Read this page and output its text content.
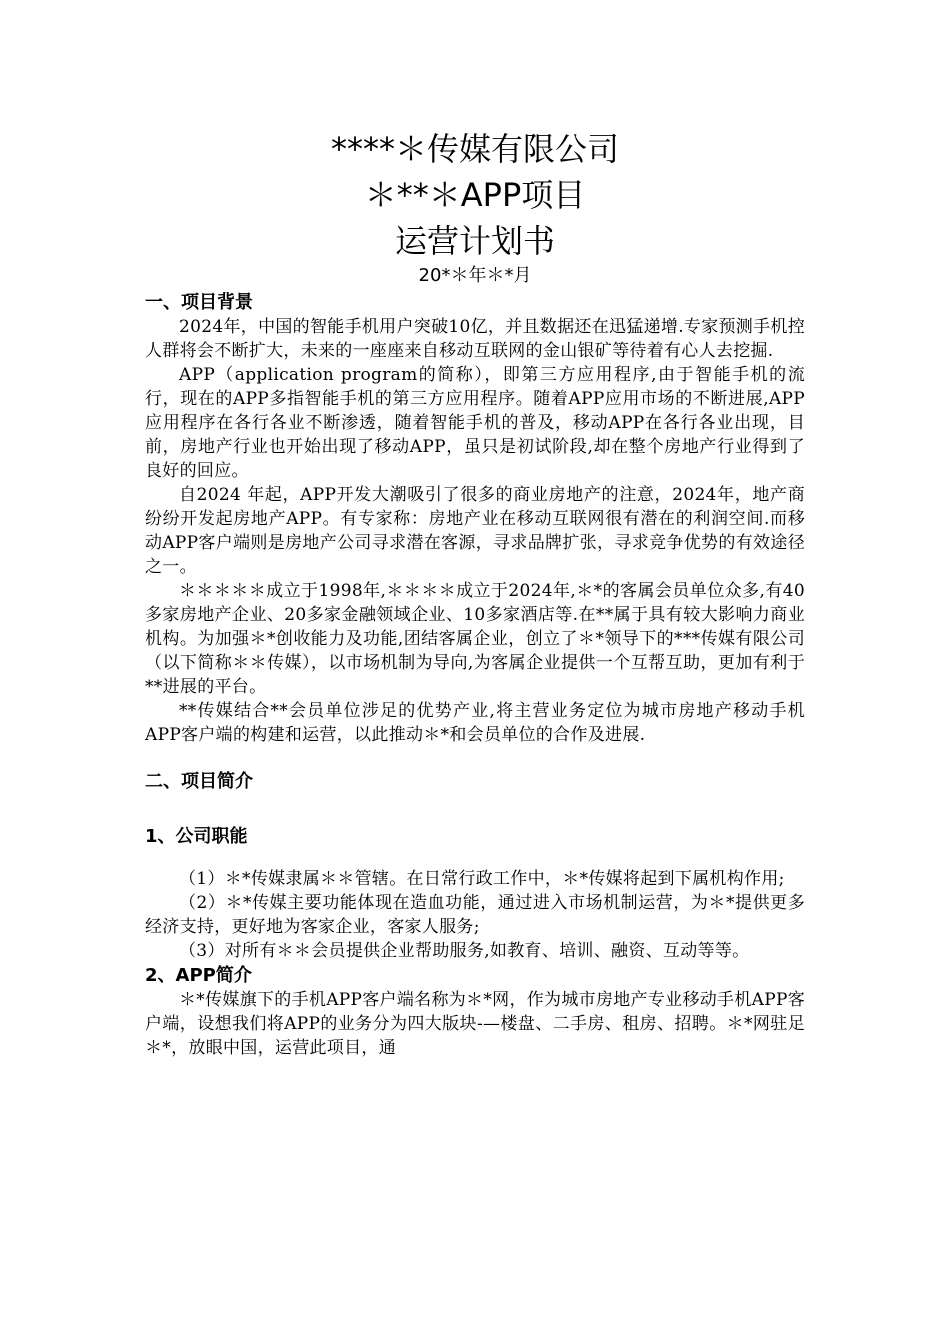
****＊传媒有限公司

＊**＊APP项目

运营计划书

20*＊年＊*月

一、项目背景

2024年，中国的智能手机用户突破10亿，并且数据还在迅猛递增.专家预测手机控人群将会不断扩大，未来的一座座来自移动互联网的金山银矿等待着有心人去挖掘.

APP（application program的简称），即第三方应用程序,由于智能手机的流行，现在的APP多指智能手机的第三方应用程序。随着APP应用市场的不断进展,APP应用程序在各行各业不断渗透，随着智能手机的普及，移动APP在各行各业出现，目前，房地产行业也开始出现了移动APP，虽只是初试阶段,却在整个房地产行业得到了良好的回应。

自2024 年起，APP开发大潮吸引了很多的商业房地产的注意，2024年，地产商纷纷开发起房地产APP。有专家称：房地产业在移动互联网很有潜在的利润空间.而移动APP客户端则是房地产公司寻求潜在客源，寻求品牌扩张，寻求竞争优势的有效途径之一。

＊＊＊＊＊成立于1998年,＊＊＊＊成立于2024年,＊*的客属会员单位众多,有40多家房地产企业、20多家金融领域企业、10多家酒店等.在**属于具有较大影响力商业机构。为加强＊*创收能力及功能,团结客属企业，创立了＊*领导下的***传媒有限公司（以下简称＊＊传媒），以市场机制为导向,为客属企业提供一个互帮互助，更加有利于**进展的平台。

**传媒结合**会员单位涉足的优势产业,将主营业务定位为城市房地产移动手机APP客户端的构建和运营，以此推动＊*和会员单位的合作及进展.

二、项目简介

1、公司职能

（1）＊*传媒隶属＊＊管辖。在日常行政工作中，＊*传媒将起到下属机构作用;

（2）＊*传媒主要功能体现在造血功能，通过进入市场机制运营，为＊*提供更多经济支持，更好地为客家企业，客家人服务;

（3）对所有＊＊会员提供企业帮助服务,如教育、培训、融资、互动等等。

2、APP简介

＊*传媒旗下的手机APP客户端名称为＊*网，作为城市房地产专业移动手机APP客户端，设想我们将APP的业务分为四大版块-—楼盘、二手房、租房、招聘。＊*网驻足＊*，放眼中国，运营此项目，通
